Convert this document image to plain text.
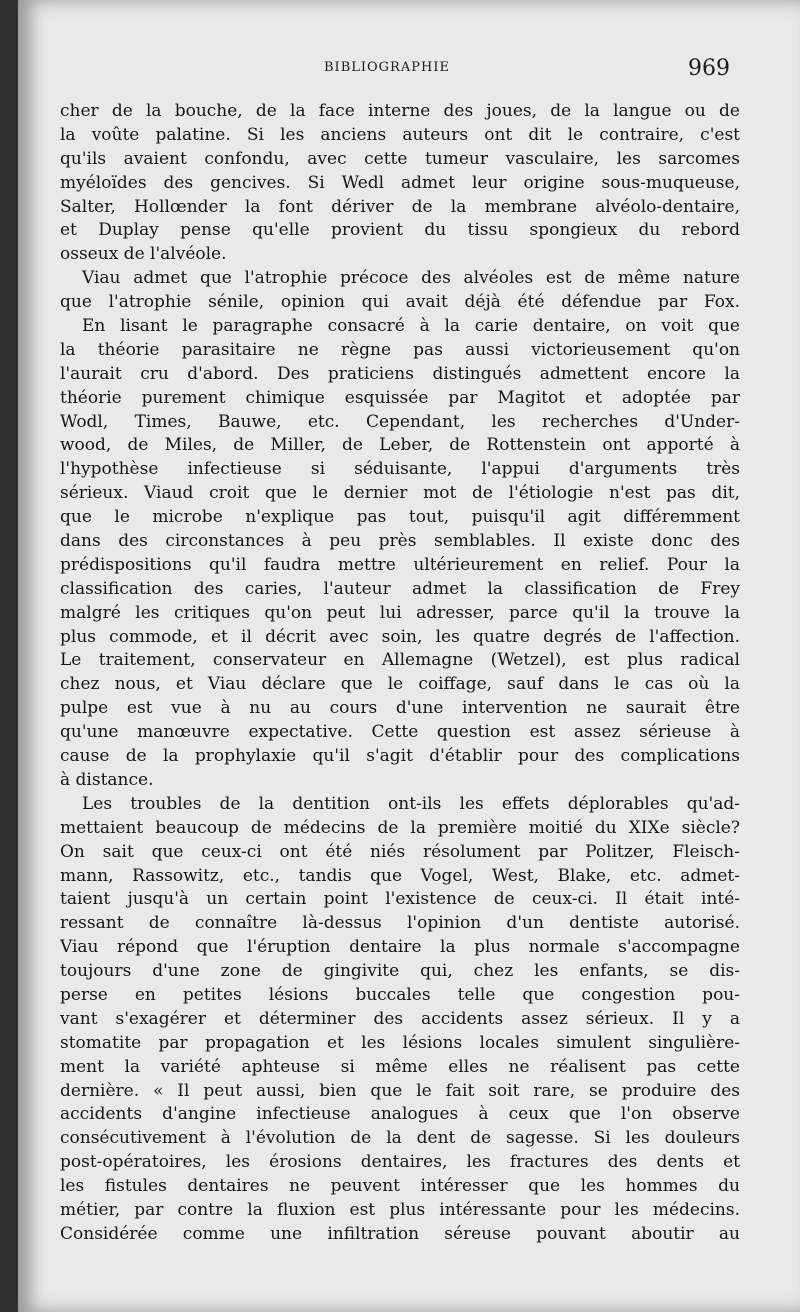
BIBLIOGRAPHIE	969
cher de la bouche, de la face interne des joues, de la langue ou de
la voûte palatine. Si les anciens auteurs ont dit le contraire, c'est
qu'ils avaient confondu, avec cette tumeur vasculaire, les sarcomes
myéloïdes des gencives. Si Wedl admet leur origine sous-muqueuse,
Salter, Hollœnder la font dériver de la membrane alvéolo-dentaire,
et Duplay pense qu'elle provient du tissu spongieux du rebord
osseux de l'alvéole.
Viau admet que l'atrophie précoce des alvéoles est de même nature
que l'atrophie sénile, opinion qui avait déjà été défendue par Fox.
En lisant le paragraphe consacré à la carie dentaire, on voit que
la théorie parasitaire ne règne pas aussi victorieusement qu'on
l'aurait cru d'abord. Des praticiens distingués admettent encore la
théorie purement chimique esquissée par Magitot et adoptée par
Wodl, Times, Bauwe, etc. Cependant, les recherches d'Under-
wood, de Miles, de Miller, de Leber, de Rottenstein ont apporté à
l'hypothèse infectieuse si séduisante, l'appui d'arguments très
sérieux. Viaud croit que le dernier mot de l'étiologie n'est pas dit,
que le microbe n'explique pas tout, puisqu'il agit différemment
dans des circonstances à peu près semblables. Il existe donc des
prédispositions qu'il faudra mettre ultérieurement en relief. Pour la
classification des caries, l'auteur admet la classification de Frey
malgré les critiques qu'on peut lui adresser, parce qu'il la trouve la
plus commode, et il décrit avec soin, les quatre degrés de l'affection.
Le traitement, conservateur en Allemagne (Wetzel), est plus radical
chez nous, et Viau déclare que le coiffage, sauf dans le cas où la
pulpe est vue à nu au cours d'une intervention ne saurait être
qu'une manœuvre expectative. Cette question est assez sérieuse à
cause de la prophylaxie qu'il s'agit d'établir pour des complications
à distance.
Les troubles de la dentition ont-ils les effets déplorables qu'ad-
mettaient beaucoup de médecins de la première moitié du XIXe siècle?
On sait que ceux-ci ont été niés résolument par Politzer, Fleisch-
mann, Rassowitz, etc., tandis que Vogel, West, Blake, etc. admet-
taient jusqu'à un certain point l'existence de ceux-ci. Il était inté-
ressant de connaître là-dessus l'opinion d'un dentiste autorisé.
Viau répond que l'éruption dentaire la plus normale s'accompagne
toujours d'une zone de gingivite qui, chez les enfants, se dis-
perse en petites lésions buccales telle que congestion pou-
vant s'exagérer et déterminer des accidents assez sérieux. Il y a
stomatite par propagation et les lésions locales simulent singulière-
ment la variété aphteuse si même elles ne réalisent pas cette
dernière. « Il peut aussi, bien que le fait soit rare, se produire des
accidents d'angine infectieuse analogues à ceux que l'on observe
consécutivement à l'évolution de la dent de sagesse. Si les douleurs
post-opératoires, les érosions dentaires, les fractures des dents et
les fistules dentaires ne peuvent intéresser que les hommes du
métier, par contre la fluxion est plus intéressante pour les médecins.
Considérée comme une infiltration séreuse pouvant aboutir au
